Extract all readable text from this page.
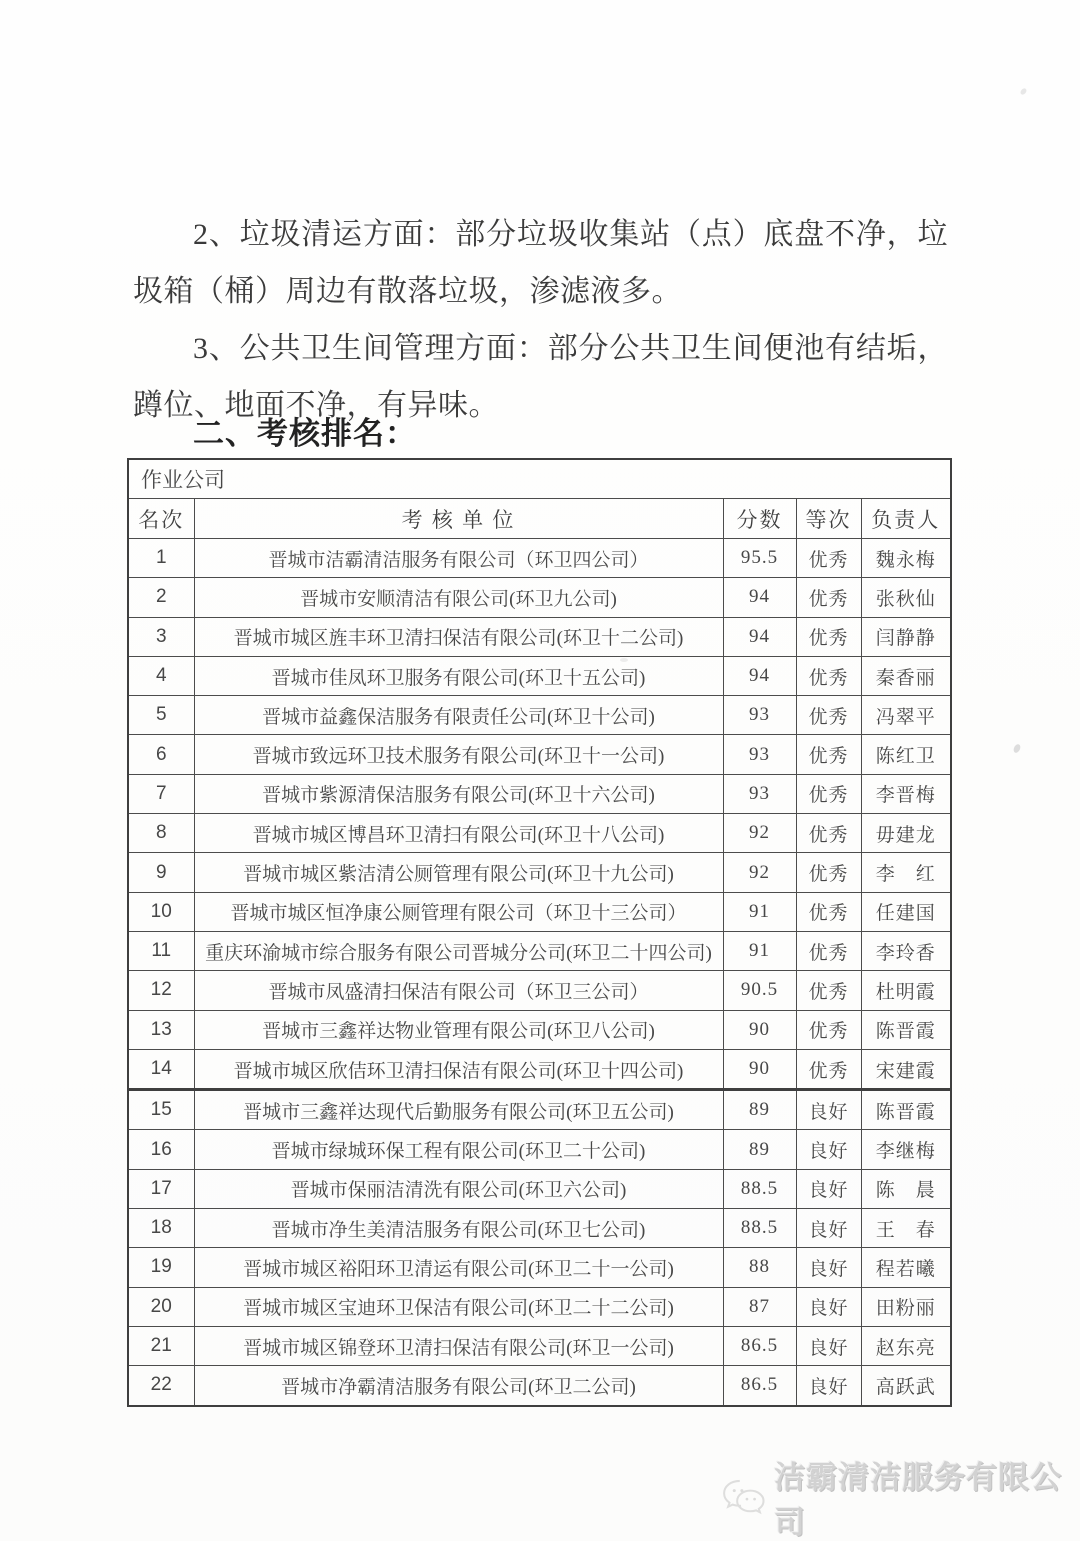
2、垃圾清运方面：部分垃圾收集站（点）底盘不净，垃圾箱（桶）周边有散落垃圾，渗滤液多。

3、公共卫生间管理方面：部分公共卫生间便池有结垢，蹲位、地面不净，有异味。

二、考核排名：
作业公司				
名次	考 核 单 位	分数	等次	负责人
1	晋城市洁霸清洁服务有限公司（环卫四公司）	95.5	优秀	魏永梅
2	晋城市安顺清洁有限公司(环卫九公司)	94	优秀	张秋仙
3	晋城市城区旌丰环卫清扫保洁有限公司(环卫十二公司)	94	优秀	闫静静
4	晋城市佳凤环卫服务有限公司(环卫十五公司)	94	优秀	秦香丽
5	晋城市益鑫保洁服务有限责任公司(环卫十公司)	93	优秀	冯翠平
6	晋城市致远环卫技术服务有限公司(环卫十一公司)	93	优秀	陈红卫
7	晋城市紫源清保洁服务有限公司(环卫十六公司)	93	优秀	李晋梅
8	晋城市城区博昌环卫清扫有限公司(环卫十八公司)	92	优秀	毋建龙
9	晋城市城区紫洁清公厕管理有限公司(环卫十九公司)	92	优秀	李　红
10	晋城市城区恒净康公厕管理有限公司（环卫十三公司）	91	优秀	任建国
11	重庆环渝城市综合服务有限公司晋城分公司(环卫二十四公司)	91	优秀	李玲香
12	晋城市凤盛清扫保洁有限公司（环卫三公司）	90.5	优秀	杜明霞
13	晋城市三鑫祥达物业管理有限公司(环卫八公司)	90	优秀	陈晋霞
14	晋城市城区欣佶环卫清扫保洁有限公司(环卫十四公司)	90	优秀	宋建霞
15	晋城市三鑫祥达现代后勤服务有限公司(环卫五公司)	89	良好	陈晋霞
16	晋城市绿城环保工程有限公司(环卫二十公司)	89	良好	李继梅
17	晋城市保丽洁清洗有限公司(环卫六公司)	88.5	良好	陈　晨
18	晋城市净生美清洁服务有限公司(环卫七公司)	88.5	良好	王　春
19	晋城市城区裕阳环卫清运有限公司(环卫二十一公司)	88	良好	程若曦
20	晋城市城区宝迪环卫保洁有限公司(环卫二十二公司)	87	良好	田粉丽
21	晋城市城区锦登环卫清扫保洁有限公司(环卫一公司)	86.5	良好	赵东亮
22	晋城市净霸清洁服务有限公司(环卫二公司)	86.5	良好	高跃武
洁霸清洁服务有限公司
